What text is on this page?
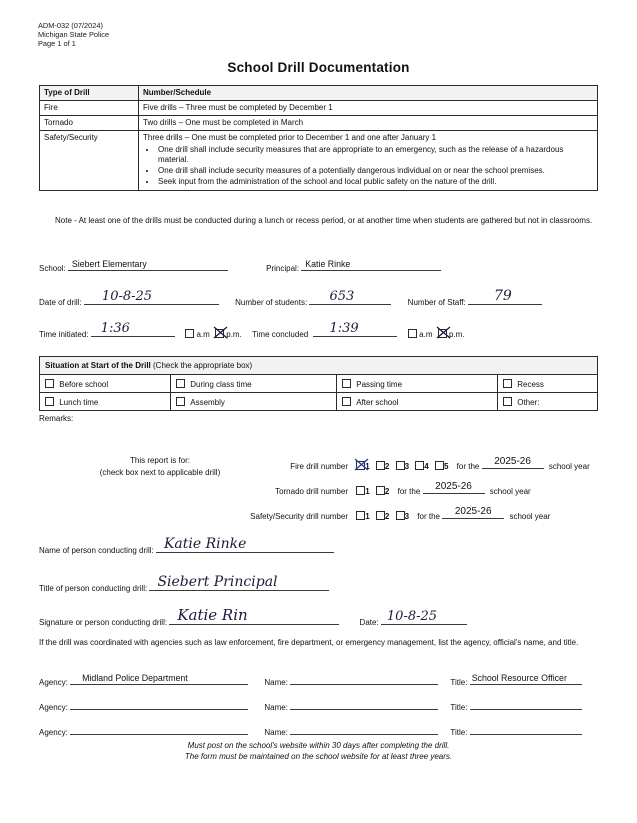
ADM-032 (07/2024)
Michigan State Police
Page 1 of 1
School Drill Documentation
Type of Drill	Number/Schedule
Fire	Five drills – Three must be completed by December 1
Tornado	Two drills – One must be completed in March
Safety/Security	Three drills – One must be completed prior to December 1 and one after January 1
• One drill shall include security measures that are appropriate to an emergency, such as the release of a hazardous material.
• One drill shall include security measures of a potentially dangerous individual on or near the school premises.
• Seek input from the administration of the school and local public safety on the nature of the drill.
Note - At least one of the drills must be conducted during a lunch or recess period, or at another time when students are gathered but not in classrooms.
School: Siebert Elementary	Principal: Katie Rinke
Date of drill: 10-8-25	Number of students: 653	Number of Staff: 79
Time initiated: 1:36	a.m p.m. Time concluded 1:39	a.m p.m.
Situation at Start of the Drill (Check the appropriate box)			
Before school	During class time	Passing time	Recess
Lunch time	Assembly	After school	Other:
Remarks:
This report is for:
(check box next to applicable drill)
Fire drill number 1 2 3 4 5 for the	2025-26	school year
Tornado drill number 1 2 for the	2025-26	school year
Safety/Security drill number 1 2 3 for the	2025-26	school year
Name of person conducting drill: Katie Rinke
Title of person conducting drill: Siebert Principal
Signature or person conducting drill: Katie Rin	Date: 10-8-25
If the drill was coordinated with agencies such as law enforcement, fire department, or emergency management, list the agency, official's name, and title.
Agency: Midland Police Department	Name:	Title: School Resource Officer
Agency:	Name:	Title:
Agency:	Name:	Title:
Must post on the school's website within 30 days after completing the drill.
The form must be maintained on the school website for at least three years.
